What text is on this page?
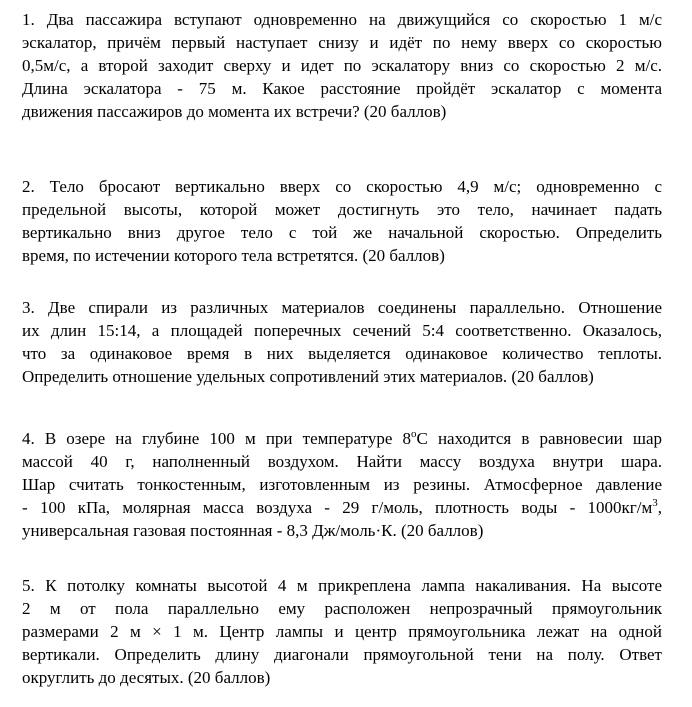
1. Два пассажира вступают одновременно на движущийся со скоростью 1 м/с
эскалатор, причём первый наступает снизу и идёт по нему вверх со скоростью
0,5м/с, а второй заходит сверху и идет по эскалатору вниз со скоростью 2 м/с.
Длина эскалатора - 75 м. Какое расстояние пройдёт эскалатор с момента
движения пассажиров до момента их встречи? (20 баллов)
2. Тело бросают вертикально вверх со скоростью 4,9 м/с; одновременно с
предельной высоты, которой может достигнуть это тело, начинает падать
вертикально вниз другое тело с той же начальной скоростью. Определить
время, по истечении которого тела встретятся. (20 баллов)
3. Две спирали из различных материалов соединены параллельно. Отношение
их длин 15:14, а площадей поперечных сечений 5:4 соответственно. Оказалось,
что за одинаковое время в них выделяется одинаковое количество теплоты.
Определить отношение удельных сопротивлений этих материалов. (20 баллов)
4. В озере на глубине 100 м при температуре 8$^o$С находится в равновесии шар
массой 40 г, наполненный воздухом. Найти массу воздуха внутри шара.
Шар считать тонкостенным, изготовленным из резины. Атмосферное давление
- 100 кПа, молярная масса воздуха - 29 г/моль, плотность воды - $1000кг/м^3$,
универсальная газовая постоянная - 8,3 Дж/моль·К. (20 баллов)
5. К потолку комнаты высотой 4 м прикреплена лампа накаливания. На высоте
2 м от пола параллельно ему расположен непрозрачный прямоугольник
размерами 2 м × 1 м. Центр лампы и центр прямоугольника лежат на одной
вертикали. Определить длину диагонали прямоугольной тени на полу. Ответ
округлить до десятых. (20 баллов)
